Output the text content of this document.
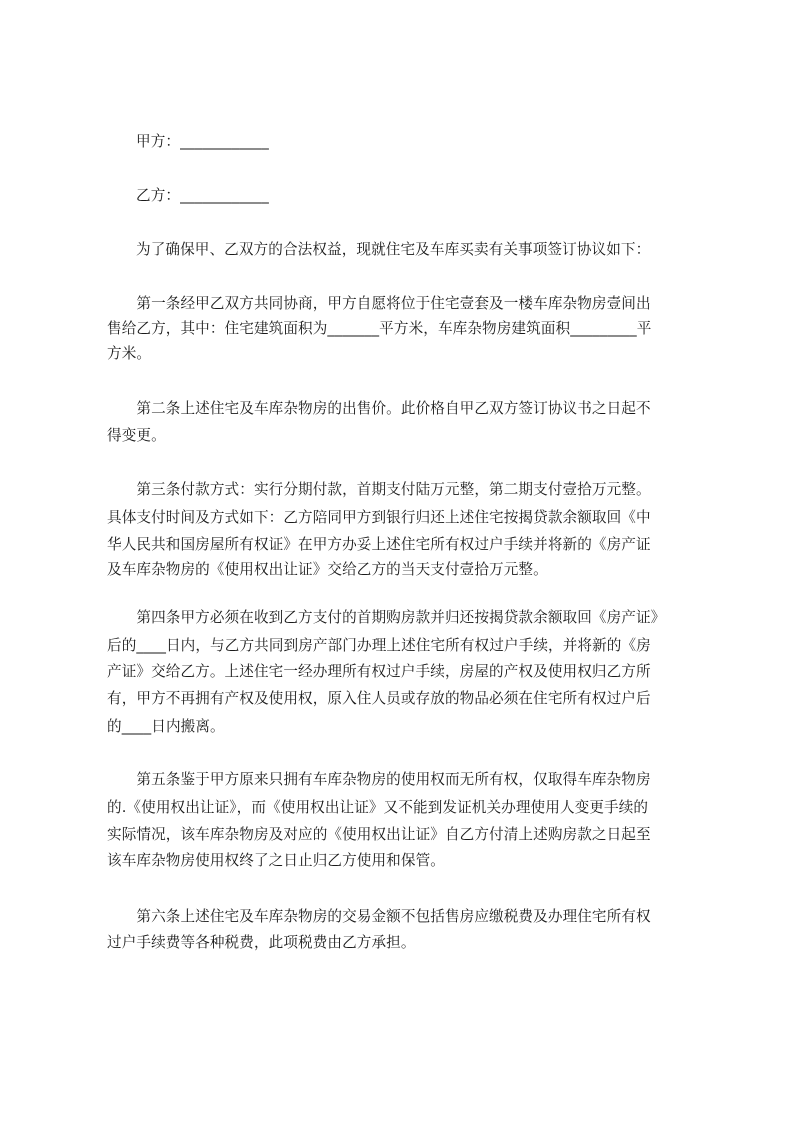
甲方：____________
乙方：____________
为了确保甲、乙双方的合法权益，现就住宅及车库买卖有关事项签订协议如下：
　　第一条经甲乙双方共同协商，甲方自愿将位于住宅壹套及一楼车库杂物房壹间出
售给乙方，其中：住宅建筑面积为_______平方米，车库杂物房建筑面积_________平
方米。
　　第二条上述住宅及车库杂物房的出售价。此价格自甲乙双方签订协议书之日起不
得变更。
　　第三条付款方式：实行分期付款，首期支付陆万元整，第二期支付壹拾万元整。
具体支付时间及方式如下：乙方陪同甲方到银行归还上述住宅按揭贷款余额取回《中
华人民共和国房屋所有权证》在甲方办妥上述住宅所有权过户手续并将新的《房产证
及车库杂物房的《使用权出让证》交给乙方的当天支付壹拾万元整。
　　第四条甲方必须在收到乙方支付的首期购房款并归还按揭贷款余额取回《房产证》
后的____日内，与乙方共同到房产部门办理上述住宅所有权过户手续，并将新的《房
产证》交给乙方。上述住宅一经办理所有权过户手续，房屋的产权及使用权归乙方所
有，甲方不再拥有产权及使用权，原入住人员或存放的物品必须在住宅所有权过户后
的____日内搬离。
　　第五条鉴于甲方原来只拥有车库杂物房的使用权而无所有权，仅取得车库杂物房
的.《使用权出让证》，而《使用权出让证》又不能到发证机关办理使用人变更手续的
实际情况，该车库杂物房及对应的《使用权出让证》自乙方付清上述购房款之日起至
该车库杂物房使用权终了之日止归乙方使用和保管。
　　第六条上述住宅及车库杂物房的交易金额不包括售房应缴税费及办理住宅所有权
过户手续费等各种税费，此项税费由乙方承担。
